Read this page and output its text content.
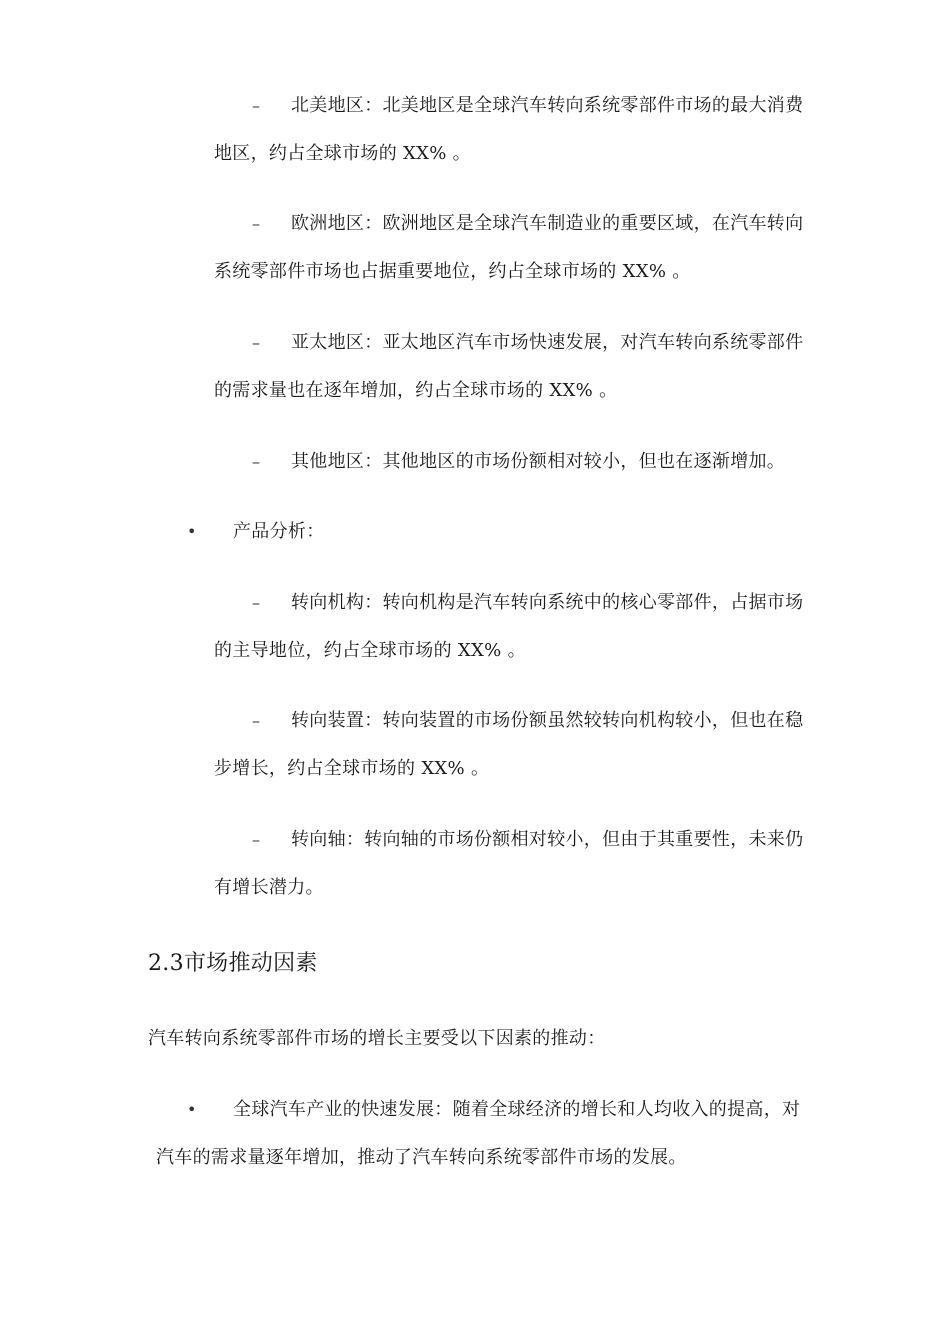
– 北美地区：北美地区是全球汽车转向系统零部件市场的最大消费
地区，约占全球市场的 XX% 。
– 欧洲地区：欧洲地区是全球汽车制造业的重要区域，在汽车转向
系统零部件市场也占据重要地位，约占全球市场的 XX% 。
– 亚太地区：亚太地区汽车市场快速发展，对汽车转向系统零部件
的需求量也在逐年增加，约占全球市场的 XX% 。
– 其他地区：其他地区的市场份额相对较小，但也在逐渐增加。
• 产品分析：
– 转向机构：转向机构是汽车转向系统中的核心零部件，占据市场
的主导地位，约占全球市场的 XX% 。
– 转向装置：转向装置的市场份额虽然较转向机构较小，但也在稳
步增长，约占全球市场的 XX% 。
– 转向轴：转向轴的市场份额相对较小，但由于其重要性，未来仍
有增长潜力。
2.3市场推动因素
汽车转向系统零部件市场的增长主要受以下因素的推动：
• 全球汽车产业的快速发展：随着全球经济的增长和人均收入的提高，对
汽车的需求量逐年增加，推动了汽车转向系统零部件市场的发展。
